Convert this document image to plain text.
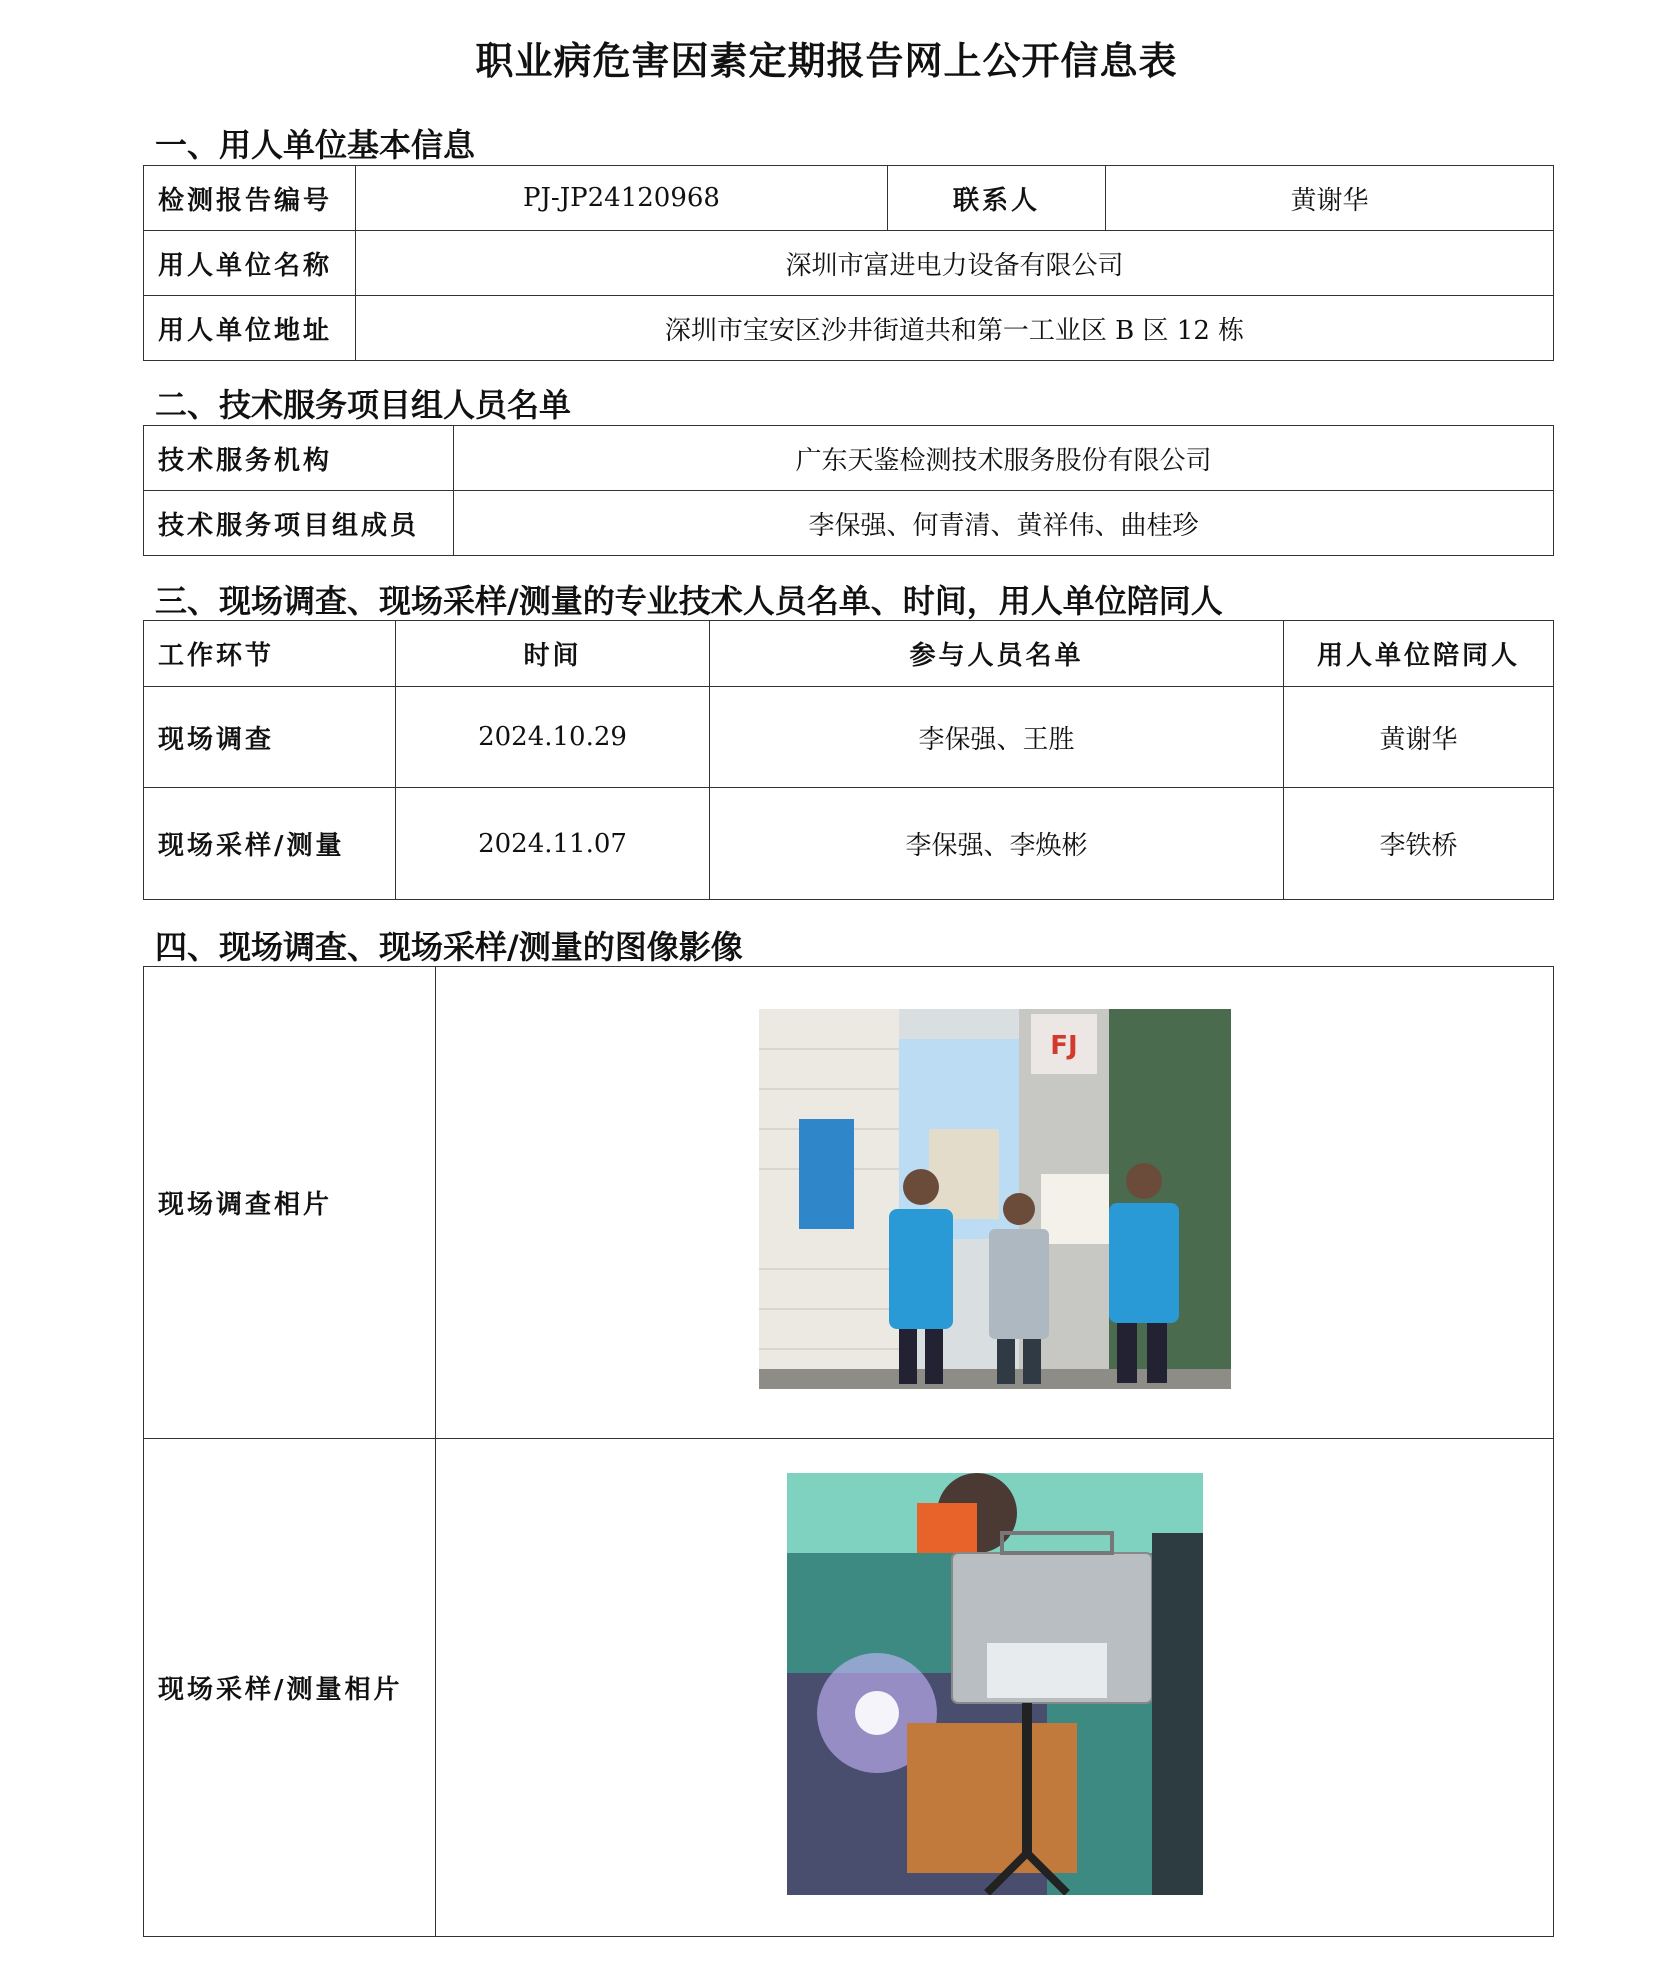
职业病危害因素定期报告网上公开信息表
一、用人单位基本信息
检测报告编号	PJ-JP24120968	联系人	黄谢华
用人单位名称	深圳市富进电力设备有限公司		
用人单位地址	深圳市宝安区沙井街道共和第一工业区 B 区 12 栋		
二、技术服务项目组人员名单
技术服务机构	广东天鉴检测技术服务股份有限公司
技术服务项目组成员	李保强、何青清、黄祥伟、曲桂珍
三、现场调查、现场采样/测量的专业技术人员名单、时间，用人单位陪同人
工作环节	时间	参与人员名单	用人单位陪同人
现场调查	2024.10.29	李保强、王胜	黄谢华
现场采样/测量	2024.11.07	李保强、李焕彬	李铁桥
四、现场调查、现场采样/测量的图像影像
现场调查相片	FJ

现场采样/测量相片	
